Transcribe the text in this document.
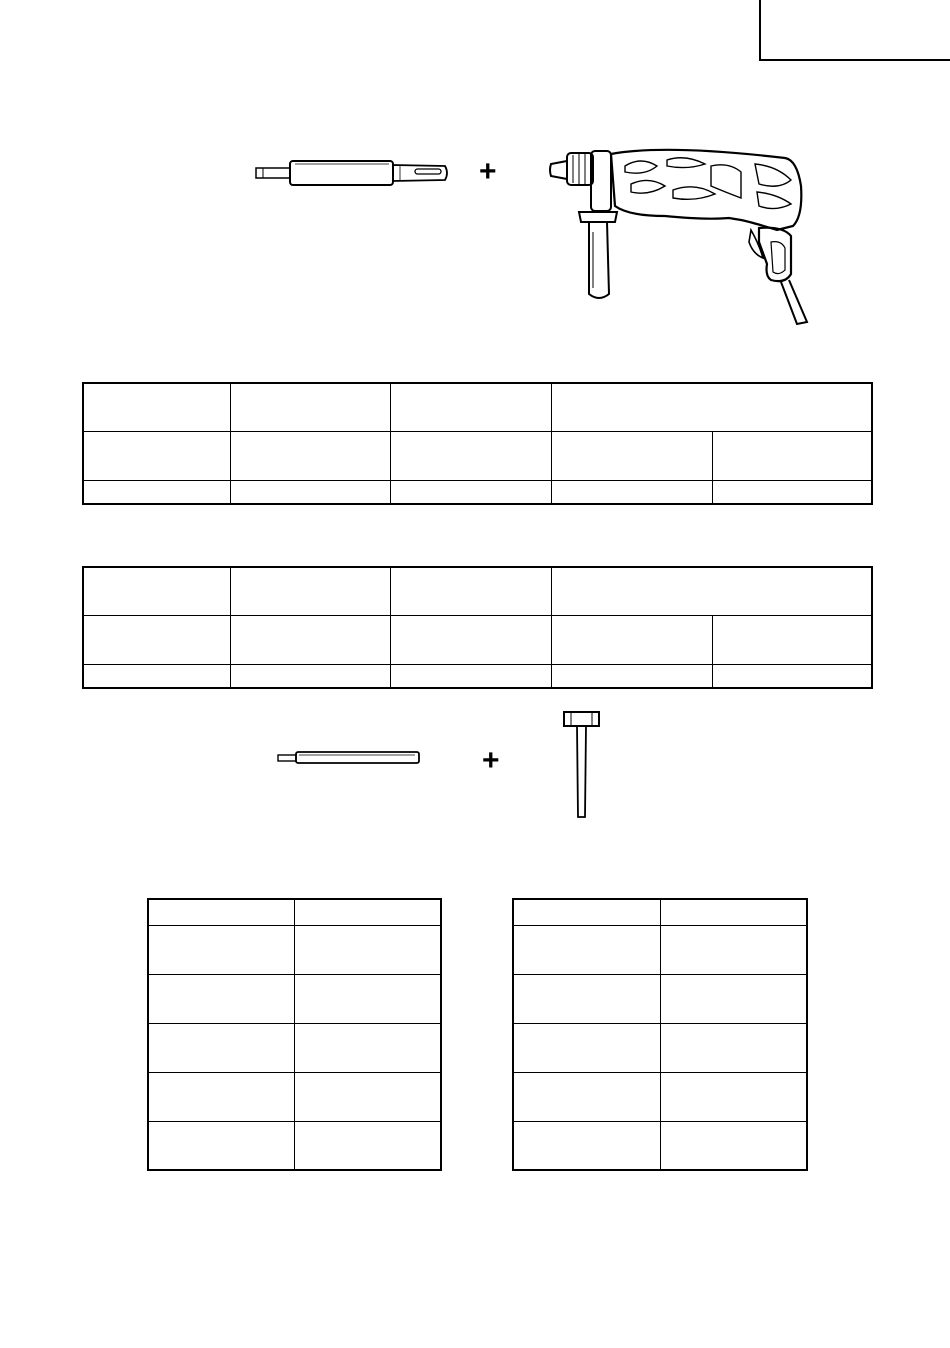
+

+
